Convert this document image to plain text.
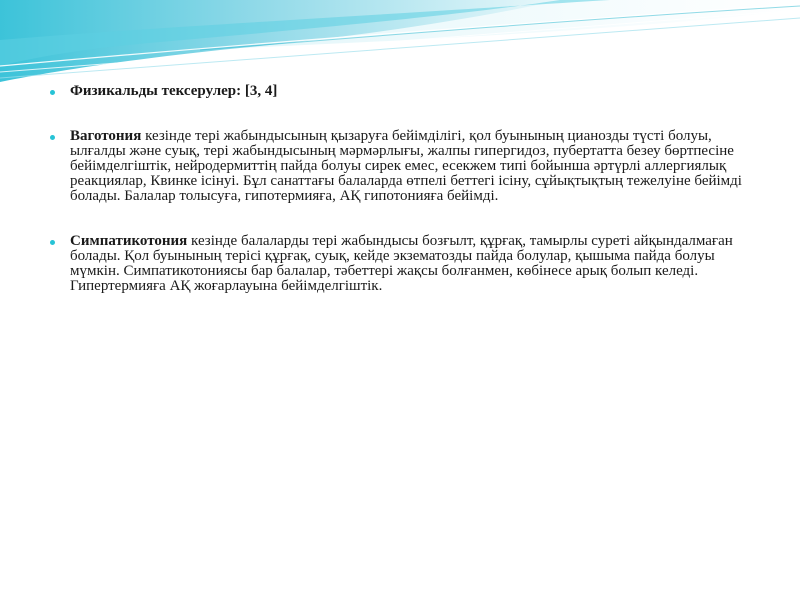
Физикальды тексерулер: [3, 4]

Ваготония кезінде тері жабындысының қызаруға бейімділігі, қол буынының цианозды түсті болуы, ылғалды және суық, тері жабындысының мәрмәрлығы, жалпы гипергидоз, пубертатта безеу бөртпесіне бейімделгіштік, нейродермиттің пайда болуы сирек емес, есекжем типі бойынша әртүрлі аллергиялық реакциялар, Квинке ісінуі. Бұл санаттағы балаларда өтпелі беттегі ісіну, сұйықтықтың тежелуіне бейімді болады. Балалар толысуға, гипотермияға, АҚ гипотонияға бейімді.

Симпатикотония кезінде балаларды тері жабындысы бозғылт, құрғақ, тамырлы суреті айқындалмаған болады. Қол буынының терісі құрғақ, суық, кейде экзематозды пайда болулар, қышыма пайда болуы мүмкін. Симпатикотониясы бар балалар, тәбеттері жақсы болғанмен, көбінесе арық болып келеді. Гипертермияға АҚ жоғарлауына бейімделгіштік.
